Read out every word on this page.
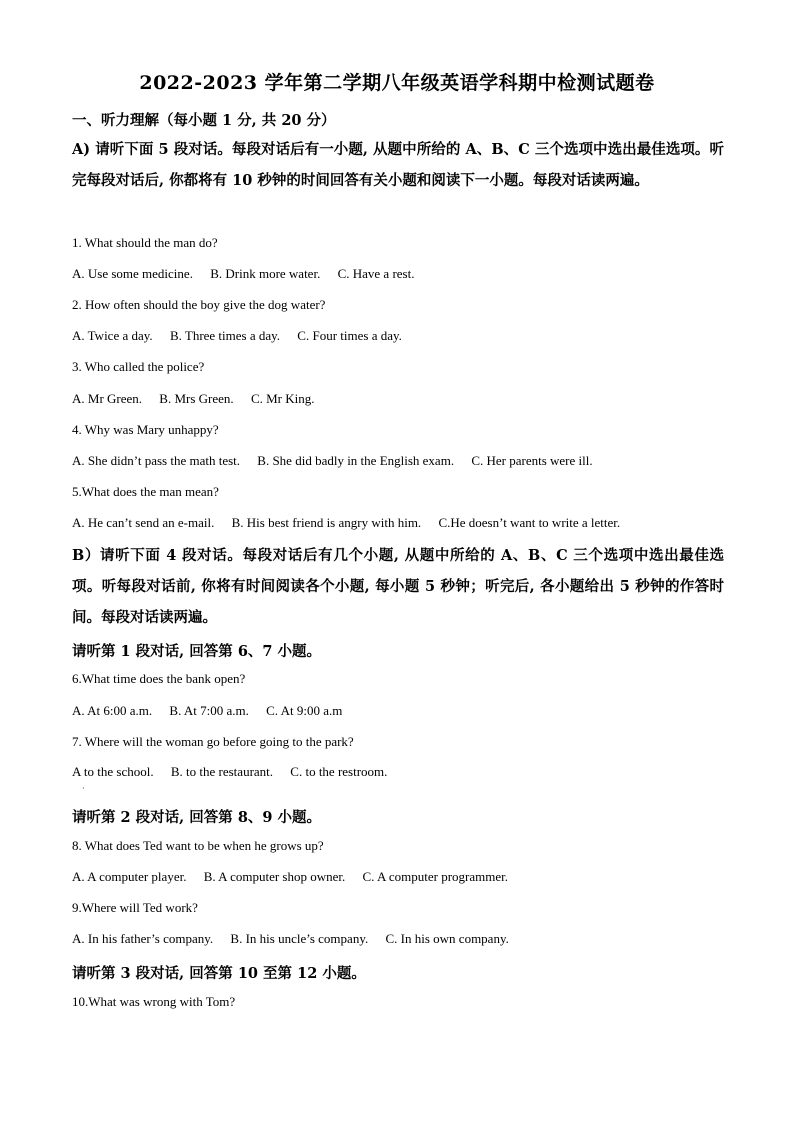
2022-2023 学年第二学期八年级英语学科期中检测试题卷
一、听力理解（每小题 1 分, 共 20 分）
A) 请听下面 5 段对话。每段对话后有一小题, 从题中所给的 A、B、C 三个选项中选出最佳选项。听完每段对话后, 你都将有 10 秒钟的时间回答有关小题和阅读下一小题。每段对话读两遍。
1. What should the man do?
A. Use some medicine. B. Drink more water. C. Have a rest.
2. How often should the boy give the dog water?
A. Twice a day. B. Three times a day. C. Four times a day.
3. Who called the police?
A. Mr Green. B. Mrs Green. C. Mr King.
4. Why was Mary unhappy?
A. She didn’t pass the math test. B. She did badly in the English exam. C. Her parents were ill.
5.What does the man mean?
A. He can’t send an e-mail. B. His best friend is angry with him. C.He doesn’t want to write a letter.
B）请听下面 4 段对话。每段对话后有几个小题, 从题中所给的 A、B、C 三个选项中选出最佳选项。听每段对话前, 你将有时间阅读各个小题, 每小题 5 秒钟；听完后, 各小题给出 5 秒钟的作答时间。每段对话读两遍。
请听第 1 段对话, 回答第 6、7 小题。
6.What time does the bank open?
A. At 6:00 a.m. B. At 7:00 a.m. C. At 9:00 a.m
7. Where will the woman go before going to the park?
A to the school. B. to the restaurant. C. to the restroom.
·
请听第 2 段对话, 回答第 8、9 小题。
8. What does Ted want to be when he grows up?
A. A computer player. B. A computer shop owner. C. A computer programmer.
9.Where will Ted work?
A. In his father’s company. B. In his uncle’s company. C. In his own company.
请听第 3 段对话, 回答第 10 至第 12 小题。
10.What was wrong with Tom?
